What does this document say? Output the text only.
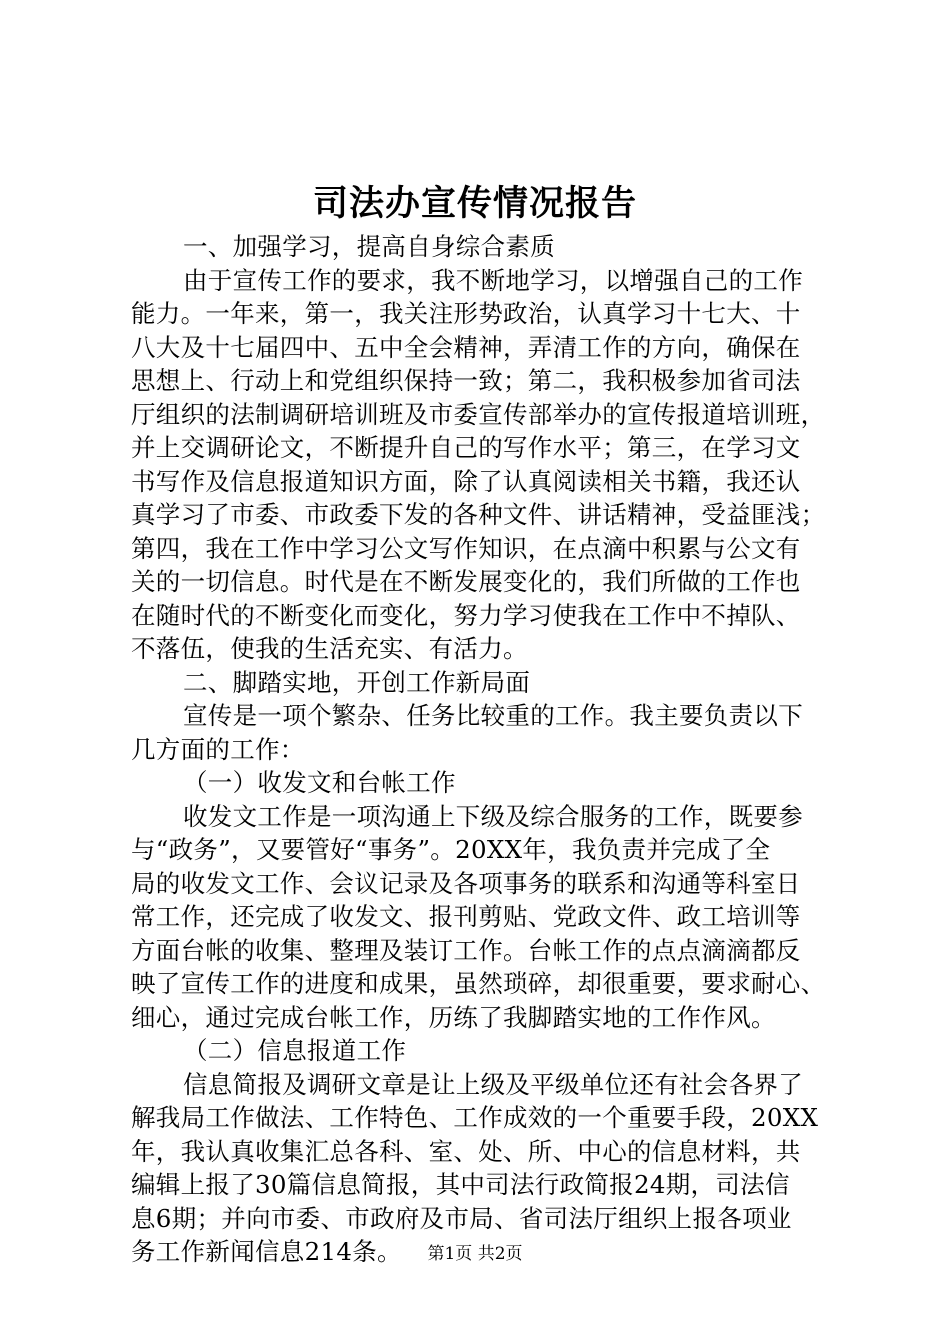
司法办宣传情况报告
一、加强学习，提高自身综合素质
由于宣传工作的要求，我不断地学习，以增强自己的工作
能力。一年来，第一，我关注形势政治，认真学习十七大、十
八大及十七届四中、五中全会精神，弄清工作的方向，确保在
思想上、行动上和党组织保持一致；第二，我积极参加省司法
厅组织的法制调研培训班及市委宣传部举办的宣传报道培训班，
并上交调研论文，不断提升自己的写作水平；第三，在学习文
书写作及信息报道知识方面，除了认真阅读相关书籍，我还认
真学习了市委、市政委下发的各种文件、讲话精神，受益匪浅；
第四，我在工作中学习公文写作知识，在点滴中积累与公文有
关的一切信息。时代是在不断发展变化的，我们所做的工作也
在随时代的不断变化而变化，努力学习使我在工作中不掉队、
不落伍，使我的生活充实、有活力。
二、脚踏实地，开创工作新局面
宣传是一项个繁杂、任务比较重的工作。我主要负责以下
几方面的工作：
（一）收发文和台帐工作
收发文工作是一项沟通上下级及综合服务的工作，既要参
与“政务”，又要管好“事务”。20XX年，我负责并完成了全
局的收发文工作、会议记录及各项事务的联系和沟通等科室日
常工作，还完成了收发文、报刊剪贴、党政文件、政工培训等
方面台帐的收集、整理及装订工作。台帐工作的点点滴滴都反
映了宣传工作的进度和成果，虽然琐碎，却很重要，要求耐心、
细心，通过完成台帐工作，历练了我脚踏实地的工作作风。
（二）信息报道工作
信息简报及调研文章是让上级及平级单位还有社会各界了
解我局工作做法、工作特色、工作成效的一个重要手段，20XX
年，我认真收集汇总各科、室、处、所、中心的信息材料，共
编辑上报了30篇信息简报，其中司法行政简报24期，司法信
息6期；并向市委、市政府及市局、省司法厅组织上报各项业
务工作新闻信息214条。	第1页 共2页
